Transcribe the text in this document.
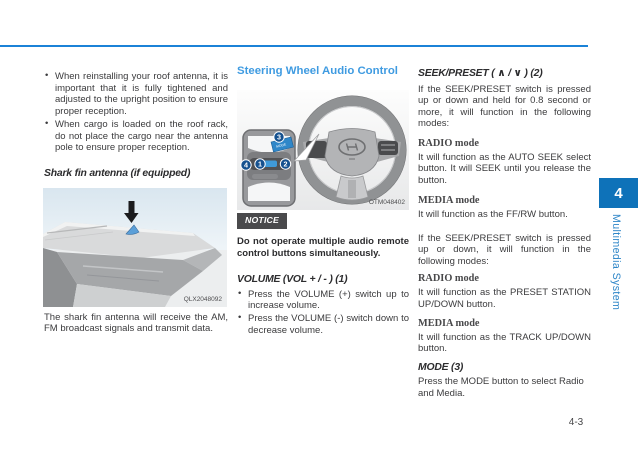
• When reinstalling your roof antenna, it is important that it is fully tightened and adjusted to the upright position to ensure proper reception.
• When cargo is loaded on the roof rack, do not place the cargo near the antenna pole to ensure proper reception.
Shark fin antenna (if equipped)
QLX2048092
The shark fin antenna will receive the AM, FM broadcast signals and transmit data.
Steering Wheel Audio Control
MODE
3
1	2
4
OTM048402
NOTICE
Do not operate multiple audio remote control buttons simultaneously.
VOLUME (VOL + / - ) (1)
• Press the VOLUME (+) switch up to increase volume.
• Press the VOLUME (-) switch down to decrease volume.
SEEK/PRESET ( ∧ / ∨ ) (2)
If the SEEK/PRESET switch is pressed up or down and held for 0.8 second or more, it will function in the following modes:
RADIO mode
It will function as the AUTO SEEK select button. It will SEEK until you release the button.
MEDIA mode
It will function as the FF/RW button.
If the SEEK/PRESET switch is pressed up or down, it will function in the following modes:
RADIO mode
It will function as the PRESET STATION UP/DOWN button.
MEDIA mode
It will function as the TRACK UP/DOWN button.
MODE (3)
Press the MODE button to select Radio and Media.
4
Multimedia System
4-3
